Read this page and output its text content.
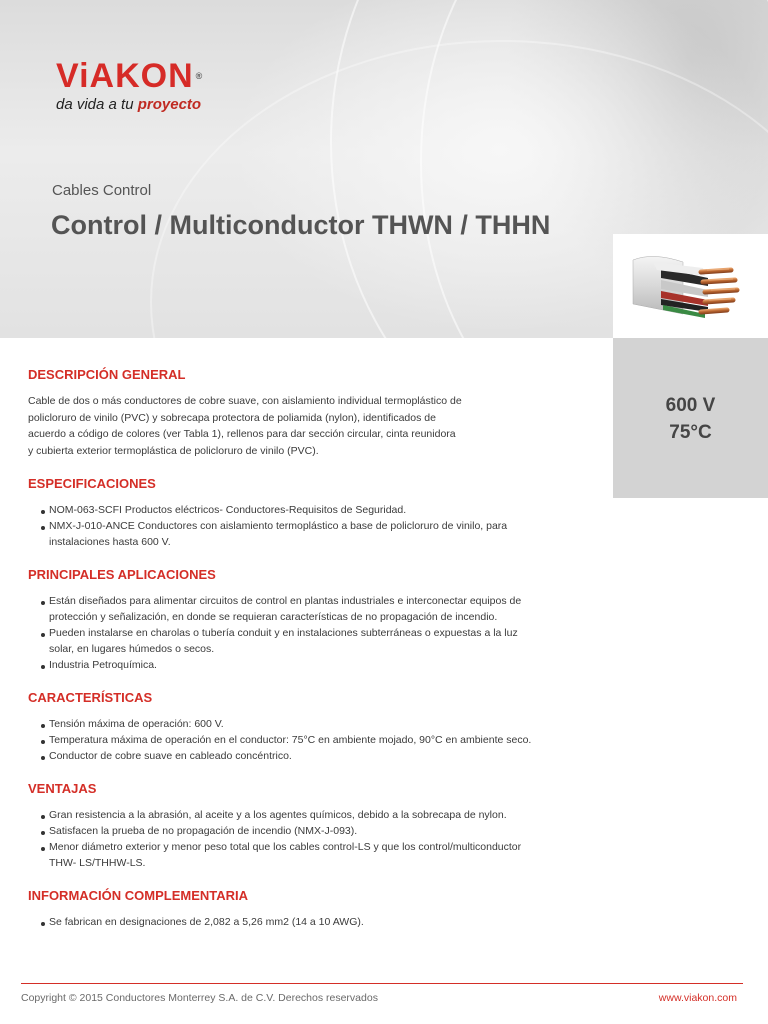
ViAKON ®
da vida a tu proyecto
Cables Control
Control / Multiconductor THWN / THHN
600 V
75°C
DESCRIPCIÓN GENERAL

Cable de dos o más conductores de cobre suave, con aislamiento individual termoplástico de
policloruro de vinilo (PVC) y sobrecapa protectora de poliamida (nylon), identificados de
acuerdo a código de colores (ver Tabla 1), rellenos para dar sección circular, cinta reunidora
y cubierta exterior termoplástica de policloruro de vinilo (PVC).

ESPECIFICACIONES
NOM-063-SCFI Productos eléctricos- Conductores-Requisitos de Seguridad.
NMX-J-010-ANCE Conductores con aislamiento termoplástico a base de policloruro de vinilo, para
instalaciones hasta 600 V.
PRINCIPALES APLICACIONES
Están diseñados para alimentar circuitos de control en plantas industriales e interconectar equipos de
protección y señalización, en donde se requieran características de no propagación de incendio.
Pueden instalarse en charolas o tubería conduit y en instalaciones subterráneas o expuestas a la luz
solar, en lugares húmedos o secos.
Industria Petroquímica.
CARACTERÍSTICAS
Tensión máxima de operación: 600 V.
Temperatura máxima de operación en el conductor: 75°C en ambiente mojado, 90°C en ambiente seco.
Conductor de cobre suave en cableado concéntrico.
VENTAJAS
Gran resistencia a la abrasión, al aceite y a los agentes químicos, debido a la sobrecapa de nylon.
Satisfacen la prueba de no propagación de incendio (NMX-J-093).
Menor diámetro exterior y menor peso total que los cables control-LS y que los control/multiconductor
THW- LS/THHW-LS.
INFORMACIÓN COMPLEMENTARIA
Se fabrican en designaciones de 2,082 a 5,26 mm2 (14 a 10 AWG).
Copyright © 2015 Conductores Monterrey S.A. de C.V. Derechos reservados	www.viakon.com
